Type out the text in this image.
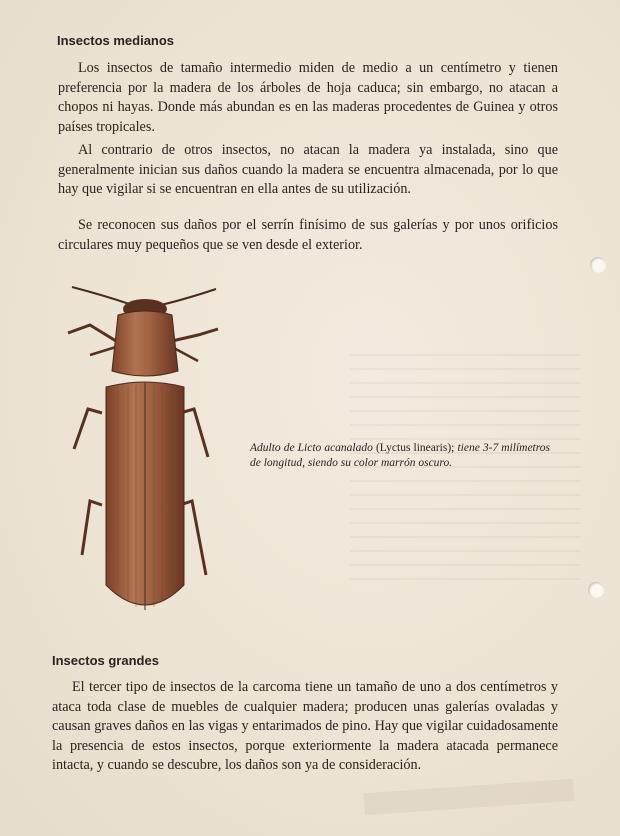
Insectos medianos

Los insectos de tamaño intermedio miden de medio a un centímetro y tienen preferencia por la madera de los árboles de hoja caduca; sin embargo, no atacan a chopos ni hayas. Donde más abundan es en las maderas procedentes de Guinea y otros países tropicales.

Al contrario de otros insectos, no atacan la madera ya instalada, sino que generalmente inician sus daños cuando la madera se encuentra almacenada, por lo que hay que vigilar si se encuentran en ella antes de su utilización.

Se reconocen sus daños por el serrín finísimo de sus galerías y por unos orificios circulares muy pequeños que se ven desde el exterior.

Adulto de Licto acanalado (Lyctus linearis); tiene 3-7 milímetros de longitud, siendo su color marrón oscuro.
Insectos grandes

El tercer tipo de insectos de la carcoma tiene un tamaño de uno a dos centímetros y ataca toda clase de muebles de cualquier madera; producen unas galerías ovaladas y causan graves daños en las vigas y entarimados de pino. Hay que vigilar cuidadosamente la presencia de estos insectos, porque exteriormente la madera atacada permanece intacta, y cuando se descubre, los daños son ya de consideración.
